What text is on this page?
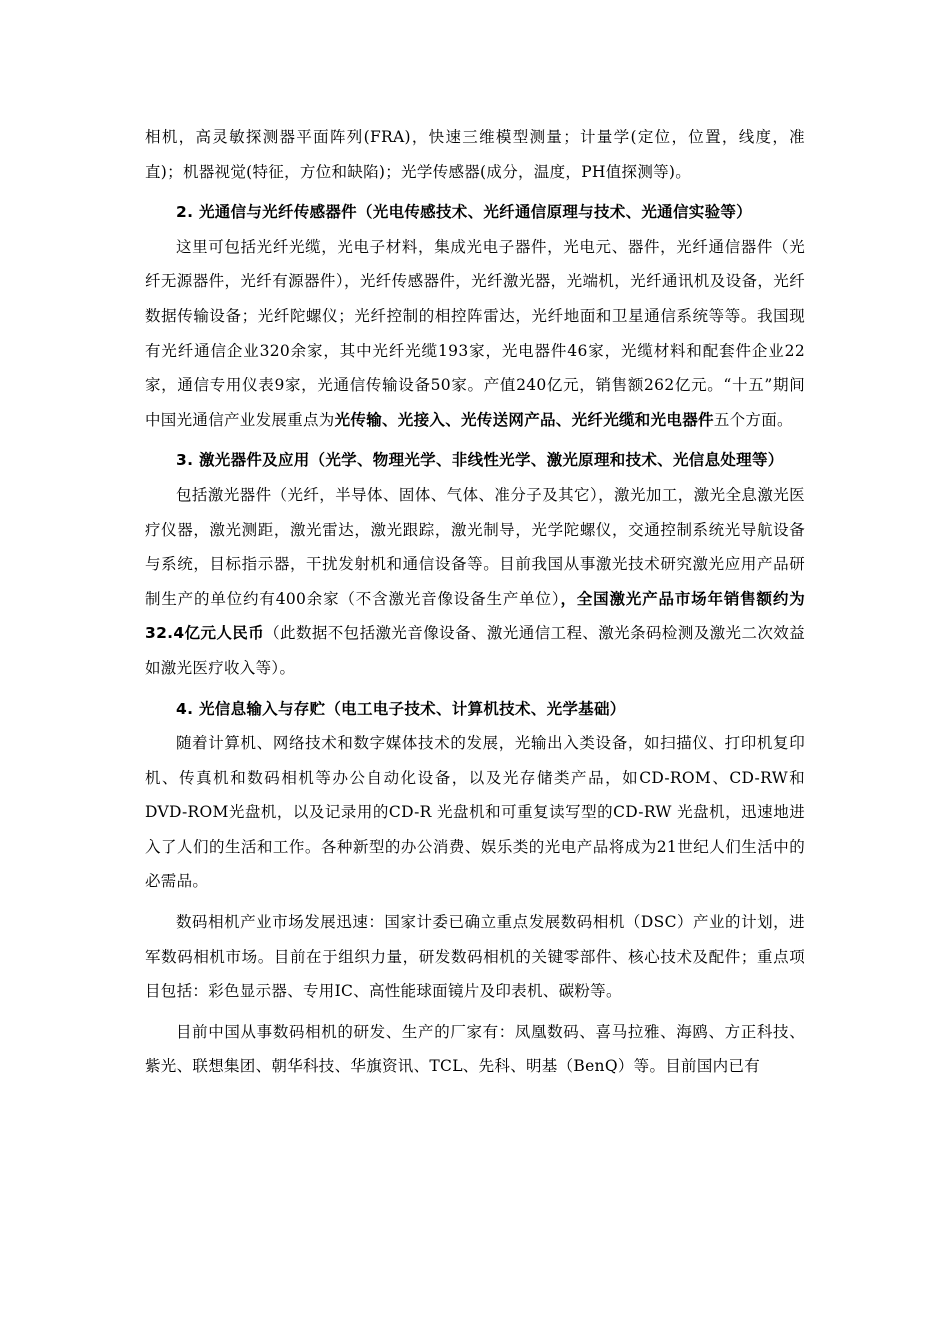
相机，高灵敏探测器平面阵列(FRA)，快速三维模型测量；计量学(定位，位置，线度，准直)；机器视觉(特征，方位和缺陷)；光学传感器(成分，温度，PH值探测等)。

2. 光通信与光纤传感器件（光电传感技术、光纤通信原理与技术、光通信实验等）

这里可包括光纤光缆，光电子材料，集成光电子器件，光电元、器件，光纤通信器件（光纤无源器件，光纤有源器件），光纤传感器件，光纤激光器，光端机，光纤通讯机及设备，光纤数据传输设备；光纤陀螺仪；光纤控制的相控阵雷达，光纤地面和卫星通信系统等等。我国现有光纤通信企业320余家，其中光纤光缆193家，光电器件46家，光缆材料和配套件企业22家，通信专用仪表9家，光通信传输设备50家。产值240亿元，销售额262亿元。“十五”期间中国光通信产业发展重点为光传输、光接入、光传送网产品、光纤光缆和光电器件五个方面。

3. 激光器件及应用（光学、物理光学、非线性光学、激光原理和技术、光信息处理等）

包括激光器件（光纤，半导体、固体、气体、准分子及其它），激光加工，激光全息激光医疗仪器，激光测距，激光雷达，激光跟踪，激光制导，光学陀螺仪，交通控制系统光导航设备与系统，目标指示器，干扰发射机和通信设备等。目前我国从事激光技术研究激光应用产品研制生产的单位约有400余家（不含激光音像设备生产单位），全国激光产品市场年销售额约为32.4亿元人民币（此数据不包括激光音像设备、激光通信工程、激光条码检测及激光二次效益如激光医疗收入等）。

4. 光信息输入与存贮（电工电子技术、计算机技术、光学基础）

随着计算机、网络技术和数字媒体技术的发展，光输出入类设备，如扫描仪、打印机复印机、传真机和数码相机等办公自动化设备，以及光存储类产品，如CD-ROM、CD-RW和DVD-ROM光盘机，以及记录用的CD-R 光盘机和可重复读写型的CD-RW 光盘机，迅速地进入了人们的生活和工作。各种新型的办公消费、娱乐类的光电产品将成为21世纪人们生活中的必需品。

数码相机产业市场发展迅速：国家计委已确立重点发展数码相机（DSC）产业的计划，进军数码相机市场。目前在于组织力量，研发数码相机的关键零部件、核心技术及配件；重点项目包括：彩色显示器、专用IC、高性能球面镜片及印表机、碳粉等。

目前中国从事数码相机的研发、生产的厂家有：凤凰数码、喜马拉雅、海鸥、方正科技、紫光、联想集团、朝华科技、华旗资讯、TCL、先科、明基（BenQ）等。目前国内已有
